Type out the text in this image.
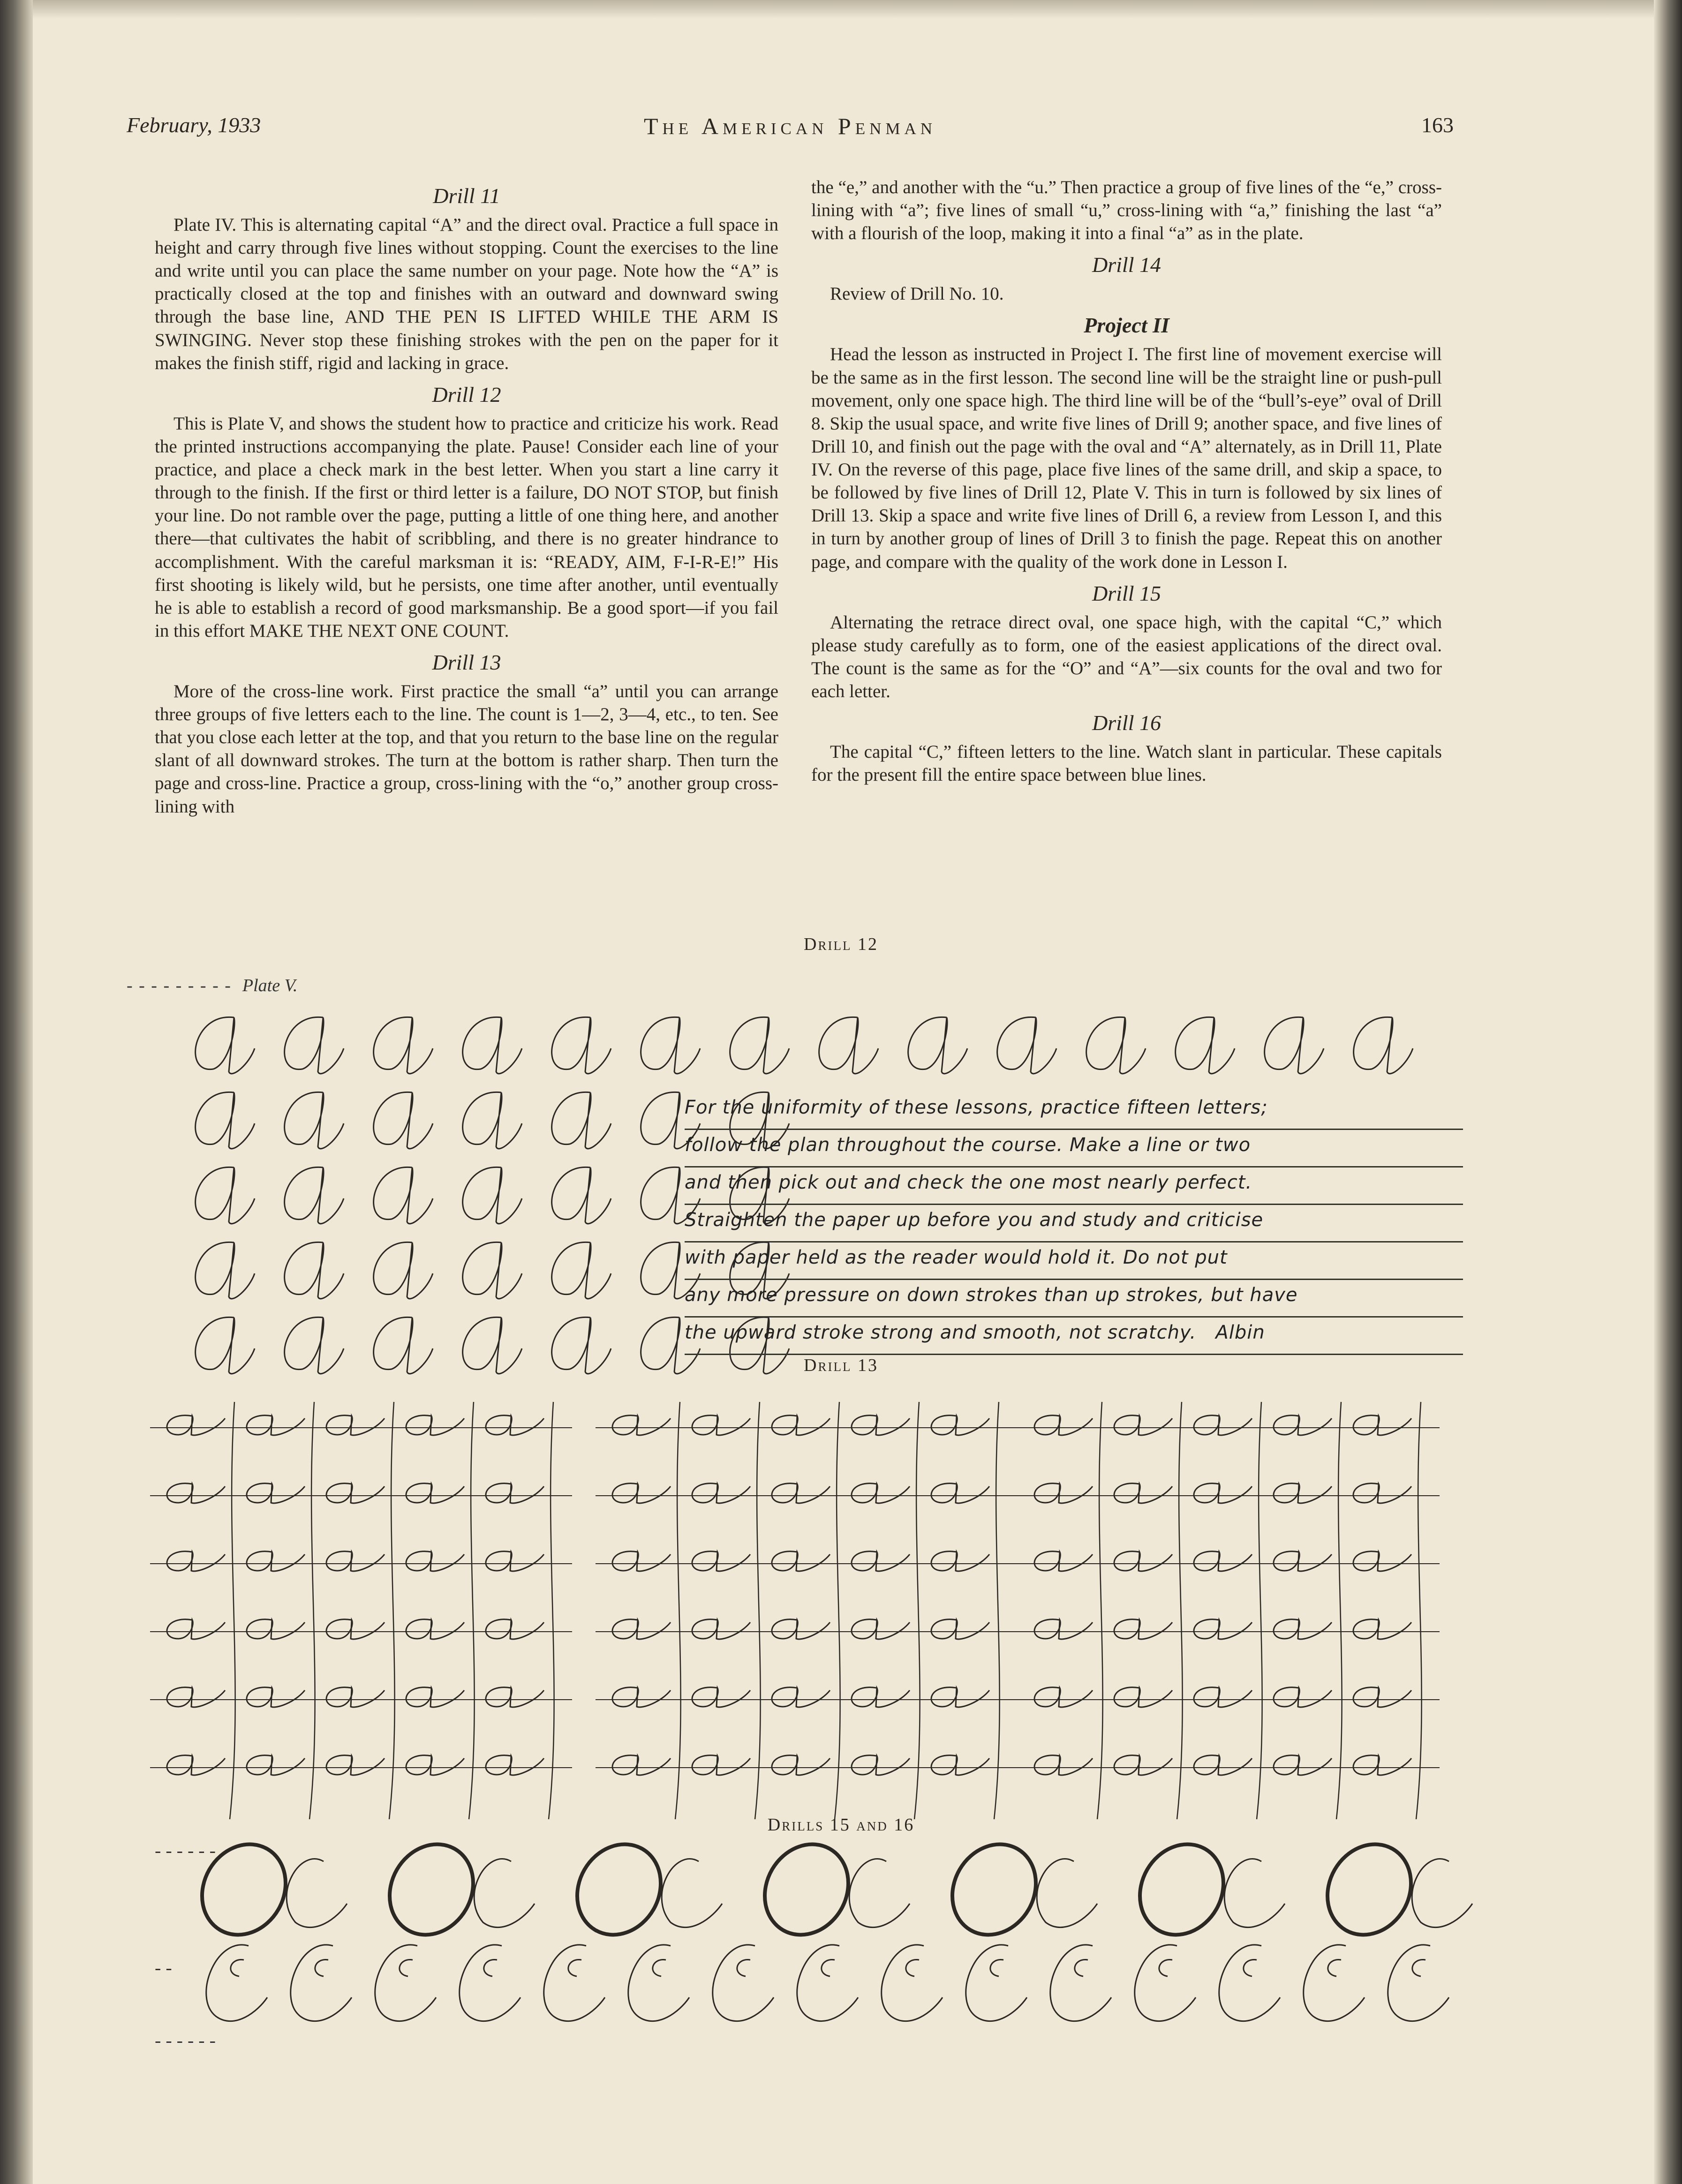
February, 1933	The American Penman	163
Drill 11

Plate IV. This is alternating capital “A” and the direct oval. Practice a full space in height and carry through five lines without stopping. Count the exercises to the line and write until you can place the same number on your page. Note how the “A” is practically closed at the top and finishes with an outward and downward swing through the base line, AND THE PEN IS LIFTED WHILE THE ARM IS SWINGING. Never stop these finishing strokes with the pen on the paper for it makes the finish stiff, rigid and lacking in grace.

Drill 12

This is Plate V, and shows the student how to practice and criticize his work. Read the printed instructions accompanying the plate. Pause! Consider each line of your practice, and place a check mark in the best letter. When you start a line carry it through to the finish. If the first or third letter is a failure, DO NOT STOP, but finish your line. Do not ramble over the page, putting a little of one thing here, and another there—that cultivates the habit of scribbling, and there is no greater hindrance to accomplishment. With the careful marksman it is: “READY, AIM, F-I-R-E!” His first shooting is likely wild, but he persists, one time after another, until eventually he is able to establish a record of good marksmanship. Be a good sport—if you fail in this effort MAKE THE NEXT ONE COUNT.

Drill 13

More of the cross-line work. First practice the small “a” until you can arrange three groups of five letters each to the line. The count is 1—2, 3—4, etc., to ten. See that you close each letter at the top, and that you return to the base line on the regular slant of all downward strokes. The turn at the bottom is rather sharp. Then turn the page and cross-line. Practice a group, cross-lining with the “o,” another group cross-lining with

the “e,” and another with the “u.” Then practice a group of five lines of the “e,” cross-lining with “a”; five lines of small “u,” cross-lining with “a,” finishing the last “a” with a flourish of the loop, making it into a final “a” as in the plate.

Drill 14

Review of Drill No. 10.

Project II

Head the lesson as instructed in Project I. The first line of movement exercise will be the same as in the first lesson. The second line will be the straight line or push-pull movement, only one space high. The third line will be of the “bull’s-eye” oval of Drill 8. Skip the usual space, and write five lines of Drill 9; another space, and five lines of Drill 10, and finish out the page with the oval and “A” alternately, as in Drill 11, Plate IV. On the reverse of this page, place five lines of the same drill, and skip a space, to be followed by five lines of Drill 12, Plate V. This in turn is followed by six lines of Drill 13. Skip a space and write five lines of Drill 6, a review from Lesson I, and this in turn by another group of lines of Drill 3 to finish the page. Repeat this on another page, and compare with the quality of the work done in Lesson I.

Drill 15

Alternating the retrace direct oval, one space high, with the capital “C,” which please study carefully as to form, one of the easiest applications of the direct oval. The count is the same as for the “O” and “A”—six counts for the oval and two for each letter.

Drill 16

The capital “C,” fifteen letters to the line. Watch slant in particular. These capitals for the present fill the entire space between blue lines.

Drill 12
Drill 13
Drills 15 and 16
- - - - - - - - -  Plate V.
- - - - - -
- -
- - - - - -
For the uniformity of these lessons, practice fifteen letters;
follow the plan throughout the course. Make a line or two
and then pick out and check the one most nearly perfect.
Straighten the paper up before you and study and criticise
with paper held as the reader would hold it. Do not put
any more pressure on down strokes than up strokes, but have
the upward stroke strong and smooth, not scratchy. Albin
